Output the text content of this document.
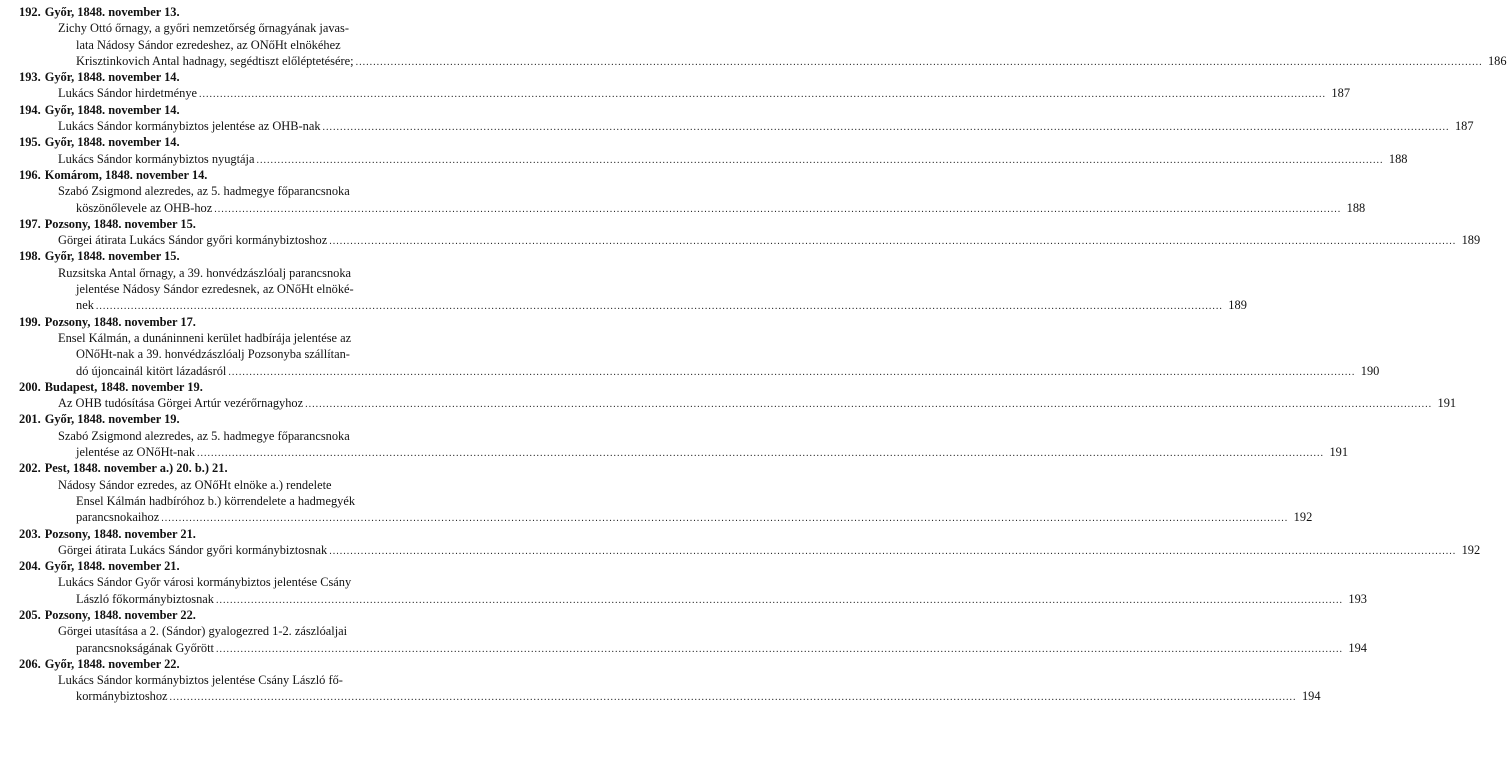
192. Győr, 1848. november 13.
Zichy Ottó őrnagy, a győri nemzetőrség őrnagyának javas-
lata Nádosy Sándor ezredeshez, az ONőHt elnökéhez
Krisztinkovich Antal hadnagy, segédtiszt előléptetésére; .................................................................................................................................................................................................................................................................................................................................. 186
193. Győr, 1848. november 14.
Lukács Sándor hirdetménye .................................................................................................................................................................................................................................................................................................................................. 187
194. Győr, 1848. november 14.
Lukács Sándor kormánybiztos jelentése az OHB-nak .................................................................................................................................................................................................................................................................................................................................. 187
195. Győr, 1848. november 14.
Lukács Sándor kormánybiztos nyugtája .................................................................................................................................................................................................................................................................................................................................. 188
196. Komárom, 1848. november 14.
Szabó Zsigmond alezredes, az 5. hadmegye főparancsnoka
köszönőlevele az OHB-hoz .................................................................................................................................................................................................................................................................................................................................. 188
197. Pozsony, 1848. november 15.
Görgei átirata Lukács Sándor győri kormánybiztoshoz .................................................................................................................................................................................................................................................................................................................................. 189
198. Győr, 1848. november 15.
Ruzsitska Antal őrnagy, a 39. honvédzászlóalj parancsnoka
jelentése Nádosy Sándor ezredesnek, az ONőHt elnöké-
nek .................................................................................................................................................................................................................................................................................................................................. 189
199. Pozsony, 1848. november 17.
Ensel Kálmán, a dunáninneni kerület hadbírája jelentése az
ONőHt-nak a 39. honvédzászlóalj Pozsonyba szállítan-
dó újoncainál kitört lázadásról .................................................................................................................................................................................................................................................................................................................................. 190
200. Budapest, 1848. november 19.
Az OHB tudósítása Görgei Artúr vezérőrnagyhoz .................................................................................................................................................................................................................................................................................................................................. 191
201. Győr, 1848. november 19.
Szabó Zsigmond alezredes, az 5. hadmegye főparancsnoka
jelentése az ONőHt-nak .................................................................................................................................................................................................................................................................................................................................. 191
202. Pest, 1848. november a.) 20. b.) 21.
Nádosy Sándor ezredes, az ONőHt elnöke a.) rendelete
Ensel Kálmán hadbíróhoz b.) körrendelete a hadmegyék
parancsnokaihoz .................................................................................................................................................................................................................................................................................................................................. 192
203. Pozsony, 1848. november 21.
Görgei átirata Lukács Sándor győri kormánybiztosnak .................................................................................................................................................................................................................................................................................................................................. 192
204. Győr, 1848. november 21.
Lukács Sándor Győr városi kormánybiztos jelentése Csány
László főkormánybiztosnak .................................................................................................................................................................................................................................................................................................................................. 193
205. Pozsony, 1848. november 22.
Görgei utasítása a 2. (Sándor) gyalogezred 1-2. zászlóaljai
parancsnokságának Győrött .................................................................................................................................................................................................................................................................................................................................. 194
206. Győr, 1848. november 22.
Lukács Sándor kormánybiztos jelentése Csány László fő-
kormánybiztoshoz .................................................................................................................................................................................................................................................................................................................................. 194
